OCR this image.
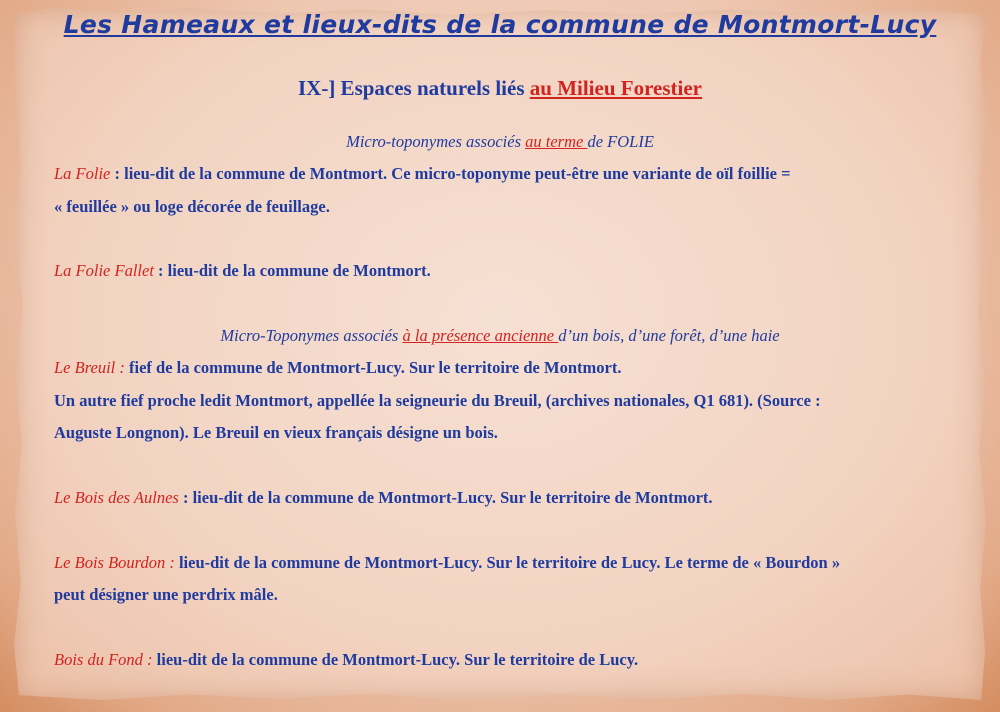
Les Hameaux et lieux-dits de la commune de Montmort-Lucy
IX-] Espaces naturels liés au Milieu Forestier

Micro-toponymes associés au terme de FOLIE

La Folie : lieu-dit de la commune de Montmort. Ce micro-toponyme peut-être une variante de oïl foillie =

« feuillée » ou loge décorée de feuillage.

La Folie Fallet : lieu-dit de la commune de Montmort.

Micro-Toponymes associés à la présence ancienne d’un bois, d’une forêt, d’une haie

Le Breuil : fief de la commune de Montmort-Lucy. Sur le territoire de Montmort.

Un autre fief proche ledit Montmort, appellée la seigneurie du Breuil, (archives nationales, Q1 681). (Source :

Auguste Longnon). Le Breuil en vieux français désigne un bois.

Le Bois des Aulnes : lieu-dit de la commune de Montmort-Lucy. Sur le territoire de Montmort.

Le Bois Bourdon : lieu-dit de la commune de Montmort-Lucy. Sur le territoire de Lucy. Le terme de « Bourdon »

peut désigner une perdrix mâle.

Bois du Fond : lieu-dit de la commune de Montmort-Lucy. Sur le territoire de Lucy.
